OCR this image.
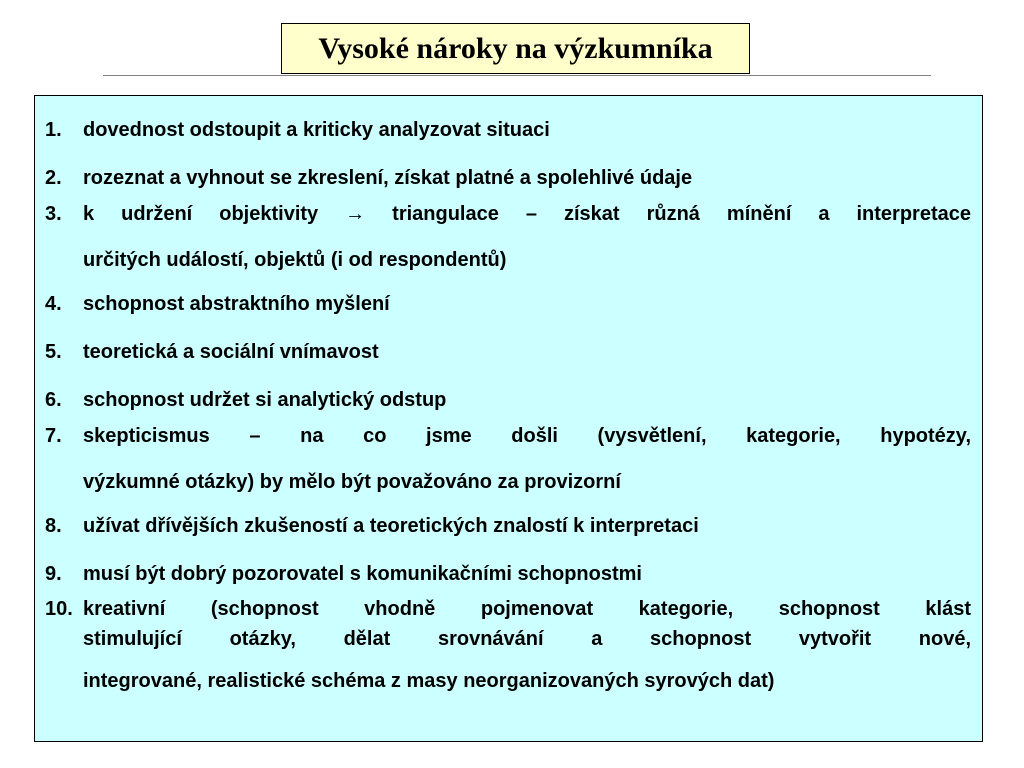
Vysoké nároky na výzkumníka
1. dovednost odstoupit a kriticky analyzovat situaci
2. rozeznat a vyhnout se zkreslení, získat platné a spolehlivé údaje
3. k udržení objektivity → triangulace – získat různá mínění a interpretace
určitých událostí, objektů (i od respondentů)
4. schopnost abstraktního myšlení
5. teoretická a sociální vnímavost
6. schopnost udržet si analytický odstup
7. skepticismus – na co jsme došli (vysvětlení, kategorie, hypotézy,
výzkumné otázky) by mělo být považováno za provizorní
8. užívat dřívějších zkušeností a teoretických znalostí k interpretaci
9. musí být dobrý pozorovatel s komunikačními schopnostmi
10. kreativní (schopnost vhodně pojmenovat kategorie, schopnost klást
stimulující otázky, dělat srovnávání a schopnost vytvořit nové,
integrované, realistické schéma z masy neorganizovaných syrových dat)
